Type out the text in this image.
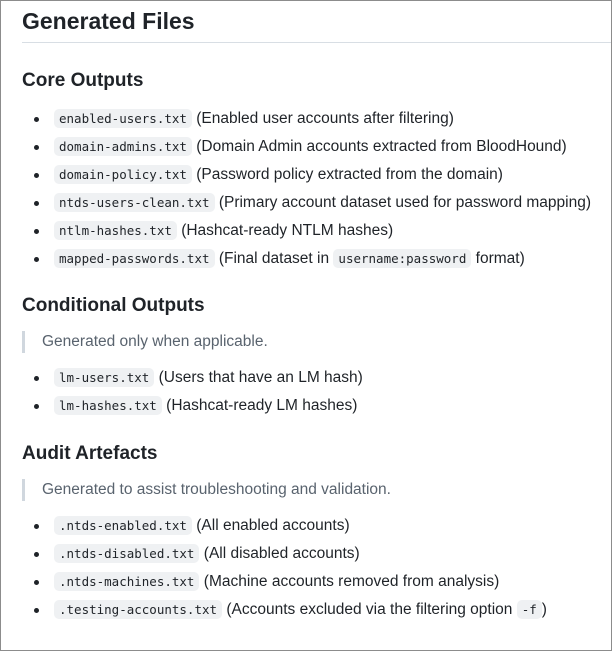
Generated Files
Core Outputs
enabled-users.txt (Enabled user accounts after filtering)
domain-admins.txt (Domain Admin accounts extracted from BloodHound)
domain-policy.txt (Password policy extracted from the domain)
ntds-users-clean.txt (Primary account dataset used for password mapping)
ntlm-hashes.txt (Hashcat-ready NTLM hashes)
mapped-passwords.txt (Final dataset in username:password format)
Conditional Outputs
Generated only when applicable.
lm-users.txt (Users that have an LM hash)
lm-hashes.txt (Hashcat-ready LM hashes)
Audit Artefacts
Generated to assist troubleshooting and validation.
.ntds-enabled.txt (All enabled accounts)
.ntds-disabled.txt (All disabled accounts)
.ntds-machines.txt (Machine accounts removed from analysis)
.testing-accounts.txt (Accounts excluded via the filtering option -f )
